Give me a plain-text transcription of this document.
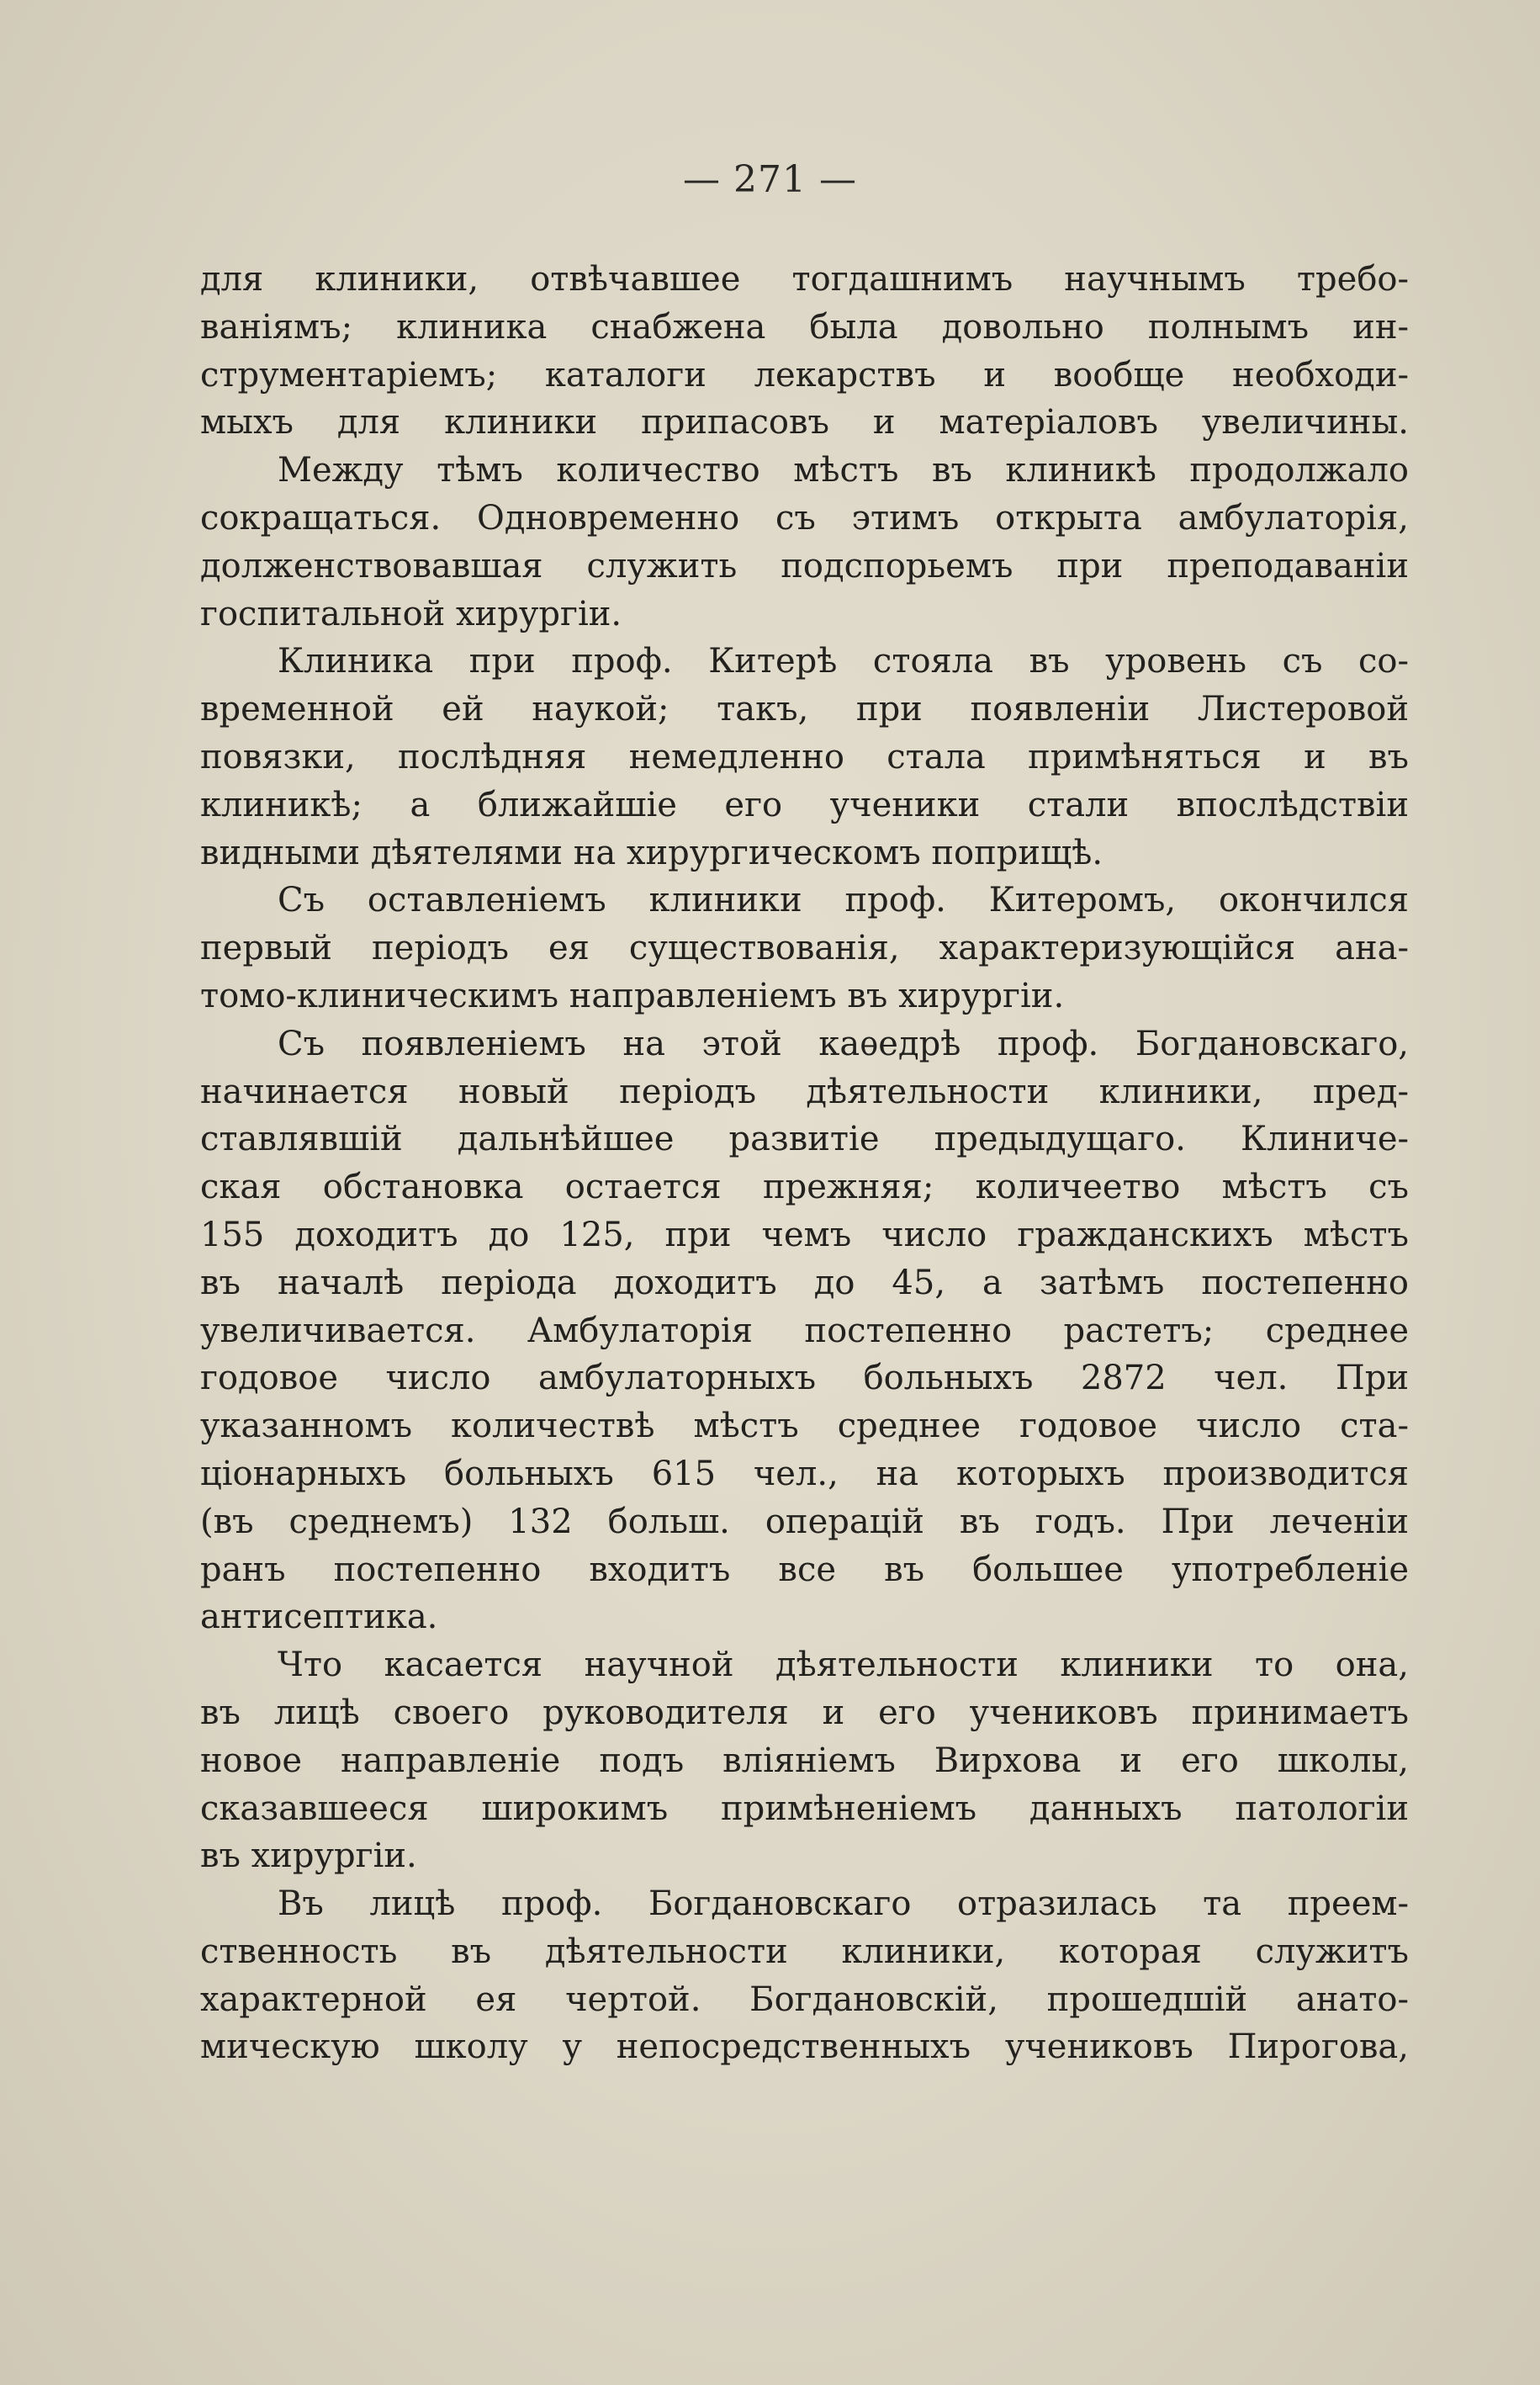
— 271 —
для клиники, отвѣчавшее тогдашнимъ научнымъ требо-
ваніямъ; клиника снабжена была довольно полнымъ ин-
струментаріемъ; каталоги лекарствъ и вообще необходи-
мыхъ для клиники припасовъ и матеріаловъ увеличины.
Между тѣмъ количество мѣстъ въ клиникѣ продолжало
сокращаться. Одновременно съ этимъ открыта амбулаторія,
долженствовавшая служить подспорьемъ при преподаваніи
госпитальной хирургіи.
Клиника при проф. Китерѣ стояла въ уровень съ со-
временной ей наукой; такъ, при появленіи Листеровой
повязки, послѣдняя немедленно стала примѣняться и въ
клиникѣ; а ближайшіе его ученики стали впослѣдствіи
видными дѣятелями на хирургическомъ поприщѣ.
Съ оставленіемъ клиники проф. Китеромъ, окончился
первый періодъ ея существованія, характеризующійся ана-
томо-клиническимъ направленіемъ въ хирургіи.
Съ появленіемъ на этой каѳедрѣ проф. Богдановскаго,
начинается новый періодъ дѣятельности клиники, пред-
ставлявшій дальнѣйшее развитіе предыдущаго. Клиниче-
ская обстановка остается прежняя; количеетво мѣстъ съ
155 доходитъ до 125, при чемъ число гражданскихъ мѣстъ
въ началѣ періода доходитъ до 45, а затѣмъ постепенно
увеличивается. Амбулаторія постепенно растетъ; среднее
годовое число амбулаторныхъ больныхъ 2872 чел. При
указанномъ количествѣ мѣстъ среднее годовое число ста-
ціонарныхъ больныхъ 615 чел., на которыхъ производится
(въ среднемъ) 132 больш. операцій въ годъ. При леченіи
ранъ постепенно входитъ все въ большее употребленіе
антисептика.
Что касается научной дѣятельности клиники то она,
въ лицѣ своего руководителя и его учениковъ принимаетъ
новое направленіе подъ вліяніемъ Вирхова и его школы,
сказавшееся широкимъ примѣненіемъ данныхъ патологіи
въ хирургіи.
Въ лицѣ проф. Богдановскаго отразилась та преем-
ственность въ дѣятельности клиники, которая служитъ
характерной ея чертой. Богдановскій, прошедшій анато-
мическую школу у непосредственныхъ учениковъ Пирогова,
